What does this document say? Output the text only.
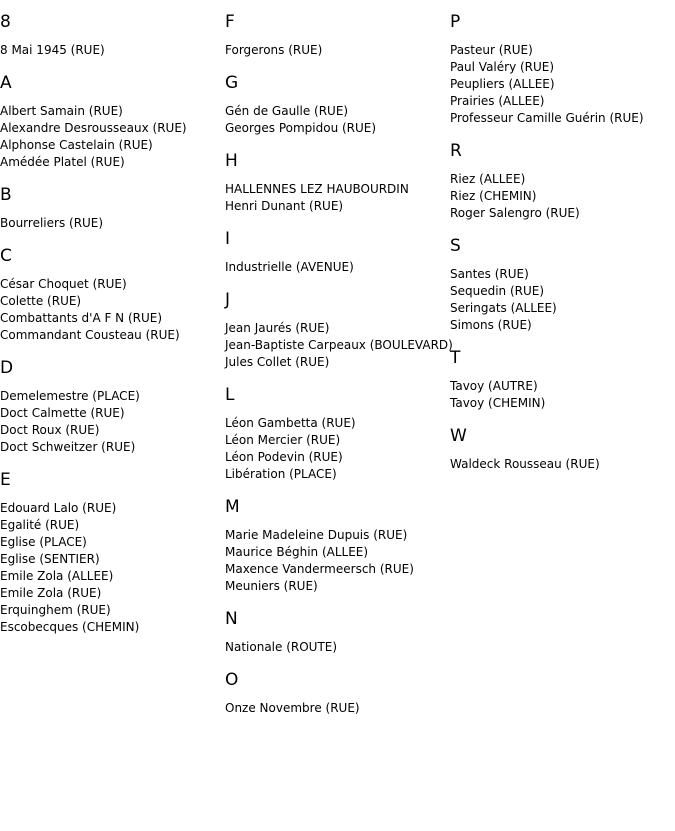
8
8 Mai 1945 (RUE)
A
Albert Samain (RUE)
Alexandre Desrousseaux (RUE)
Alphonse Castelain (RUE)
Amédée Platel (RUE)
B
Bourreliers (RUE)
C
César Choquet (RUE)
Colette (RUE)
Combattants d'A F N (RUE)
Commandant Cousteau (RUE)
D
Demelemestre (PLACE)
Doct Calmette (RUE)
Doct Roux (RUE)
Doct Schweitzer (RUE)
E
Edouard Lalo (RUE)
Egalité (RUE)
Eglise (PLACE)
Eglise (SENTIER)
Emile Zola (ALLEE)
Emile Zola (RUE)
Erquinghem (RUE)
Escobecques (CHEMIN)
F
Forgerons (RUE)
G
Gén de Gaulle (RUE)
Georges Pompidou (RUE)
H
HALLENNES LEZ HAUBOURDIN
Henri Dunant (RUE)
I
Industrielle (AVENUE)
J
Jean Jaurés (RUE)
Jean-Baptiste Carpeaux (BOULEVARD)
Jules Collet (RUE)
L
Léon Gambetta (RUE)
Léon Mercier (RUE)
Léon Podevin (RUE)
Libération (PLACE)
M
Marie Madeleine Dupuis (RUE)
Maurice Béghin (ALLEE)
Maxence Vandermeersch (RUE)
Meuniers (RUE)
N
Nationale (ROUTE)
O
Onze Novembre (RUE)
P
Pasteur (RUE)
Paul Valéry (RUE)
Peupliers (ALLEE)
Prairies (ALLEE)
Professeur Camille Guérin (RUE)
R
Riez (ALLEE)
Riez (CHEMIN)
Roger Salengro (RUE)
S
Santes (RUE)
Sequedin (RUE)
Seringats (ALLEE)
Simons (RUE)
T
Tavoy (AUTRE)
Tavoy (CHEMIN)
W
Waldeck Rousseau (RUE)
